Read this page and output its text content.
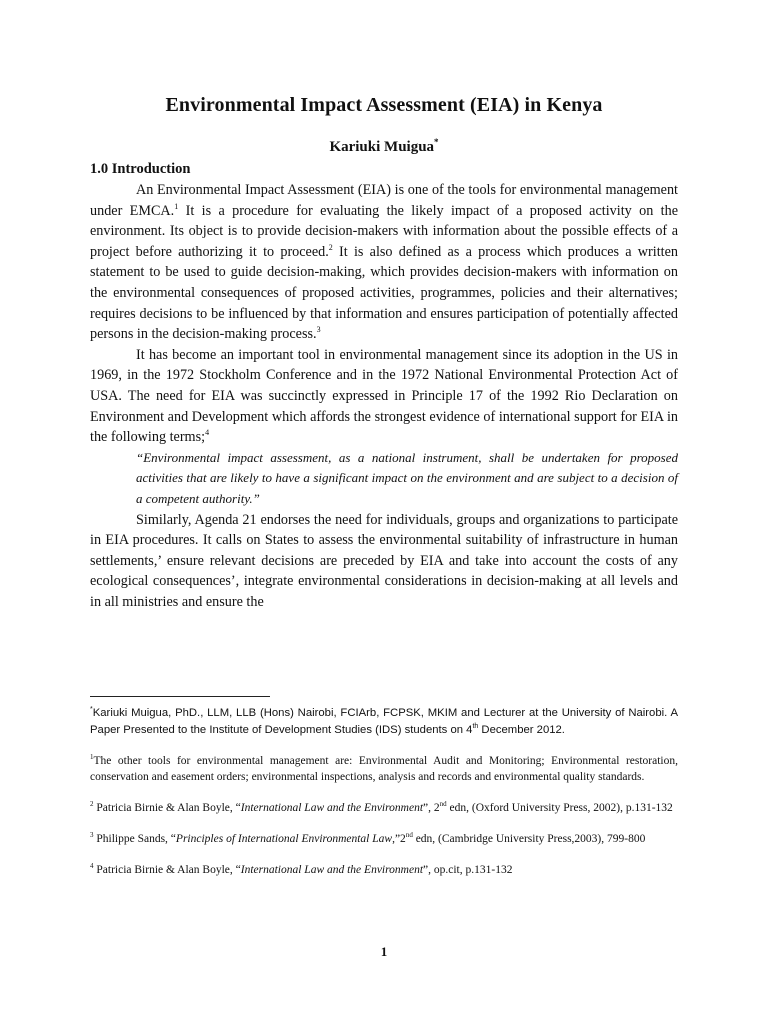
Environmental Impact Assessment (EIA) in Kenya
Kariuki Muigua*
1.0 Introduction

An Environmental Impact Assessment (EIA) is one of the tools for environmental management under EMCA.$^1$ It is a procedure for evaluating the likely impact of a proposed activity on the environment. Its object is to provide decision-makers with information about the possible effects of a project before authorizing it to proceed.$^2$ It is also defined as a process which produces a written statement to be used to guide decision-making, which provides decision-makers with information on the environmental consequences of proposed activities, programmes, policies and their alternatives; requires decisions to be influenced by that information and ensures participation of potentially affected persons in the decision-making process.$^3$

It has become an important tool in environmental management since its adoption in the US in 1969, in the 1972 Stockholm Conference and in the 1972 National Environmental Protection Act of USA. The need for EIA was succinctly expressed in Principle 17 of the 1992 Rio Declaration on Environment and Development which affords the strongest evidence of international support for EIA in the following terms;$^4$

“Environmental impact assessment, as a national instrument, shall be undertaken for proposed activities that are likely to have a significant impact on the environment and are subject to a decision of a competent authority.”

Similarly, Agenda 21 endorses the need for individuals, groups and organizations to participate in EIA procedures. It calls on States to assess the environmental suitability of infrastructure in human settlements,’ ensure relevant decisions are preceded by EIA and take into account the costs of any ecological consequences’, integrate environmental considerations in decision-making at all levels and in all ministries and ensure the

*Kariuki Muigua, PhD., LLM, LLB (Hons) Nairobi, FCIArb, FCPSK, MKIM and Lecturer at the University of Nairobi. A Paper Presented to the Institute of Development Studies (IDS) students on 4th December 2012.

$^1$The other tools for environmental management are: Environmental Audit and Monitoring; Environmental restoration, conservation and easement orders; environmental inspections, analysis and records and environmental quality standards.

$^2$ Patricia Birnie & Alan Boyle, “International Law and the Environment”, 2nd edn, (Oxford University Press, 2002), p.131-132

$^3$ Philippe Sands, “Principles of International Environmental Law,”2nd edn, (Cambridge University Press,2003), 799-800

$^4$ Patricia Birnie & Alan Boyle, “International Law and the Environment”, op.cit, p.131-132

1
